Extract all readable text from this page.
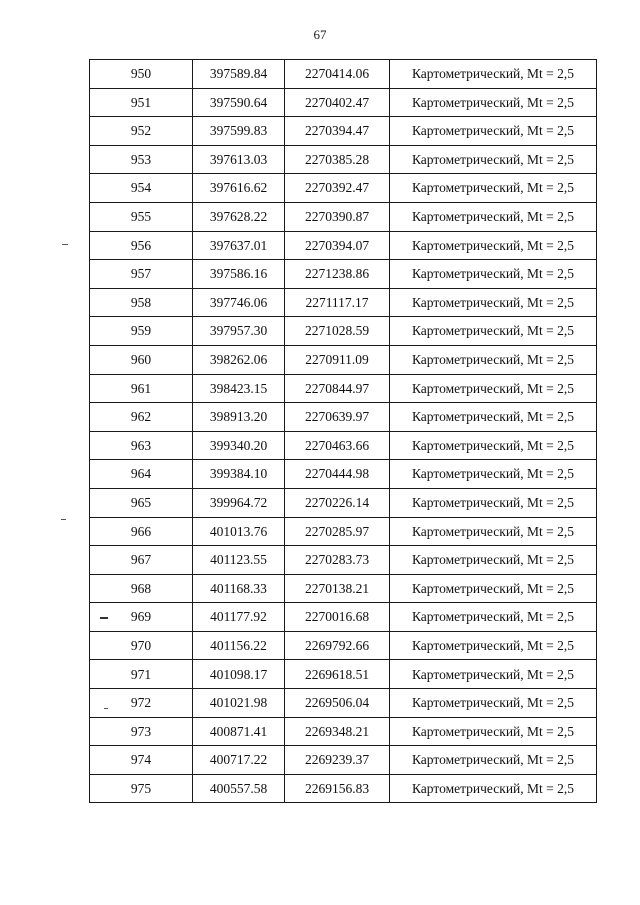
67
950	397589.84	2270414.06	Картометрический, Mt = 2,5
951	397590.64	2270402.47	Картометрический, Mt = 2,5
952	397599.83	2270394.47	Картометрический, Mt = 2,5
953	397613.03	2270385.28	Картометрический, Mt = 2,5
954	397616.62	2270392.47	Картометрический, Mt = 2,5
955	397628.22	2270390.87	Картометрический, Mt = 2,5
956	397637.01	2270394.07	Картометрический, Mt = 2,5
957	397586.16	2271238.86	Картометрический, Mt = 2,5
958	397746.06	2271117.17	Картометрический, Mt = 2,5
959	397957.30	2271028.59	Картометрический, Mt = 2,5
960	398262.06	2270911.09	Картометрический, Mt = 2,5
961	398423.15	2270844.97	Картометрический, Mt = 2,5
962	398913.20	2270639.97	Картометрический, Mt = 2,5
963	399340.20	2270463.66	Картометрический, Mt = 2,5
964	399384.10	2270444.98	Картометрический, Mt = 2,5
965	399964.72	2270226.14	Картометрический, Mt = 2,5
966	401013.76	2270285.97	Картометрический, Mt = 2,5
967	401123.55	2270283.73	Картометрический, Mt = 2,5
968	401168.33	2270138.21	Картометрический, Mt = 2,5
969	401177.92	2270016.68	Картометрический, Mt = 2,5
970	401156.22	2269792.66	Картометрический, Mt = 2,5
971	401098.17	2269618.51	Картометрический, Mt = 2,5
972	401021.98	2269506.04	Картометрический, Mt = 2,5
973	400871.41	2269348.21	Картометрический, Mt = 2,5
974	400717.22	2269239.37	Картометрический, Mt = 2,5
975	400557.58	2269156.83	Картометрический, Mt = 2,5
